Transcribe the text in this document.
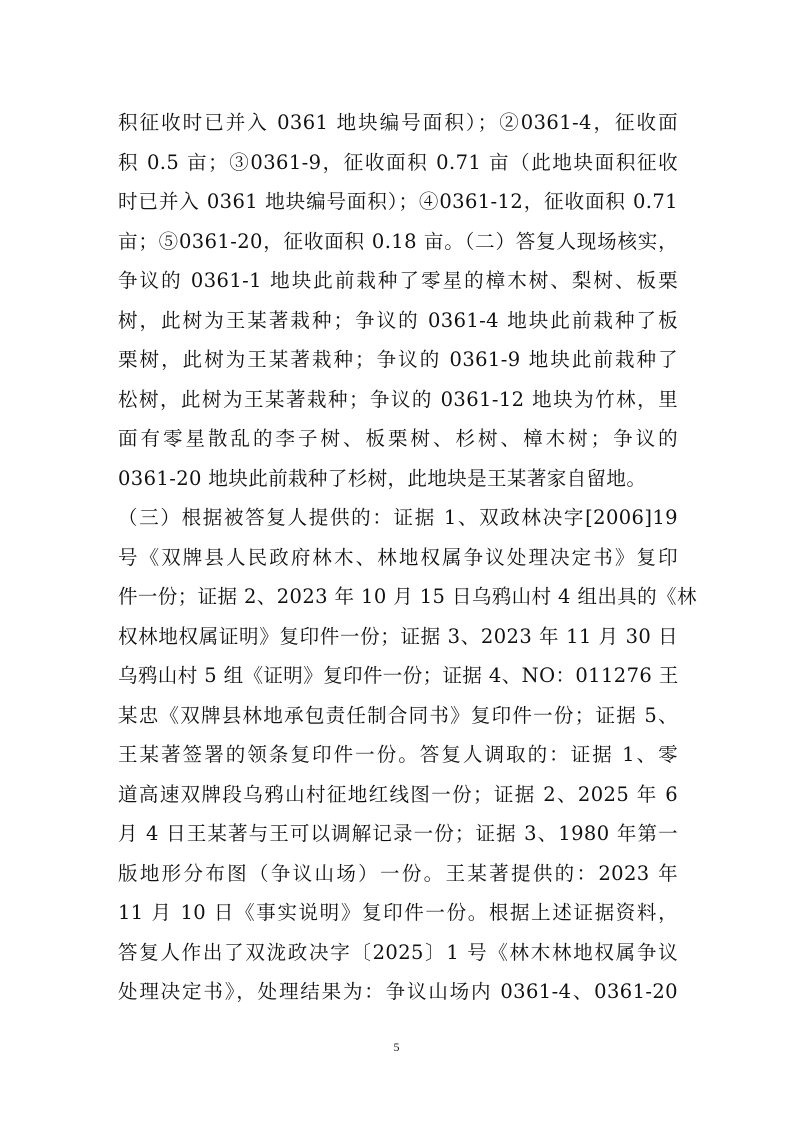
积征收时已并入 0361 地块编号面积）；②0361-4，征收面
积 0.5 亩；③0361-9，征收面积 0.71 亩（此地块面积征收
时已并入 0361 地块编号面积）；④0361-12，征收面积 0.71
亩；⑤0361-20，征收面积 0.18 亩。（二）答复人现场核实，
争议的 0361-1 地块此前栽种了零星的樟木树、梨树、板栗
树，此树为王某著栽种；争议的 0361-4 地块此前栽种了板
栗树，此树为王某著栽种；争议的 0361-9 地块此前栽种了
松树，此树为王某著栽种；争议的 0361-12 地块为竹林，里
面有零星散乱的李子树、板栗树、杉树、樟木树；争议的
0361-20 地块此前栽种了杉树，此地块是王某著家自留地。
（三）根据被答复人提供的：证据 1、双政林决字[2006]19
号《双牌县人民政府林木、林地权属争议处理决定书》复印
件一份；证据 2、2023 年 10 月 15 日乌鸦山村 4 组出具的《林
权林地权属证明》复印件一份；证据 3、2023 年 11 月 30 日
乌鸦山村 5 组《证明》复印件一份；证据 4、NO：011276 王
某忠《双牌县林地承包责任制合同书》复印件一份；证据 5、
王某著签署的领条复印件一份。答复人调取的：证据 1、零
道高速双牌段乌鸦山村征地红线图一份；证据 2、2025 年 6
月 4 日王某著与王可以调解记录一份；证据 3、1980 年第一
版地形分布图（争议山场）一份。王某著提供的：2023 年
11 月 10 日《事实说明》复印件一份。根据上述证据资料，
答复人作出了双泷政决字〔2025〕1 号《林木林地权属争议
处理决定书》，处理结果为：争议山场内 0361-4、0361-20
5
